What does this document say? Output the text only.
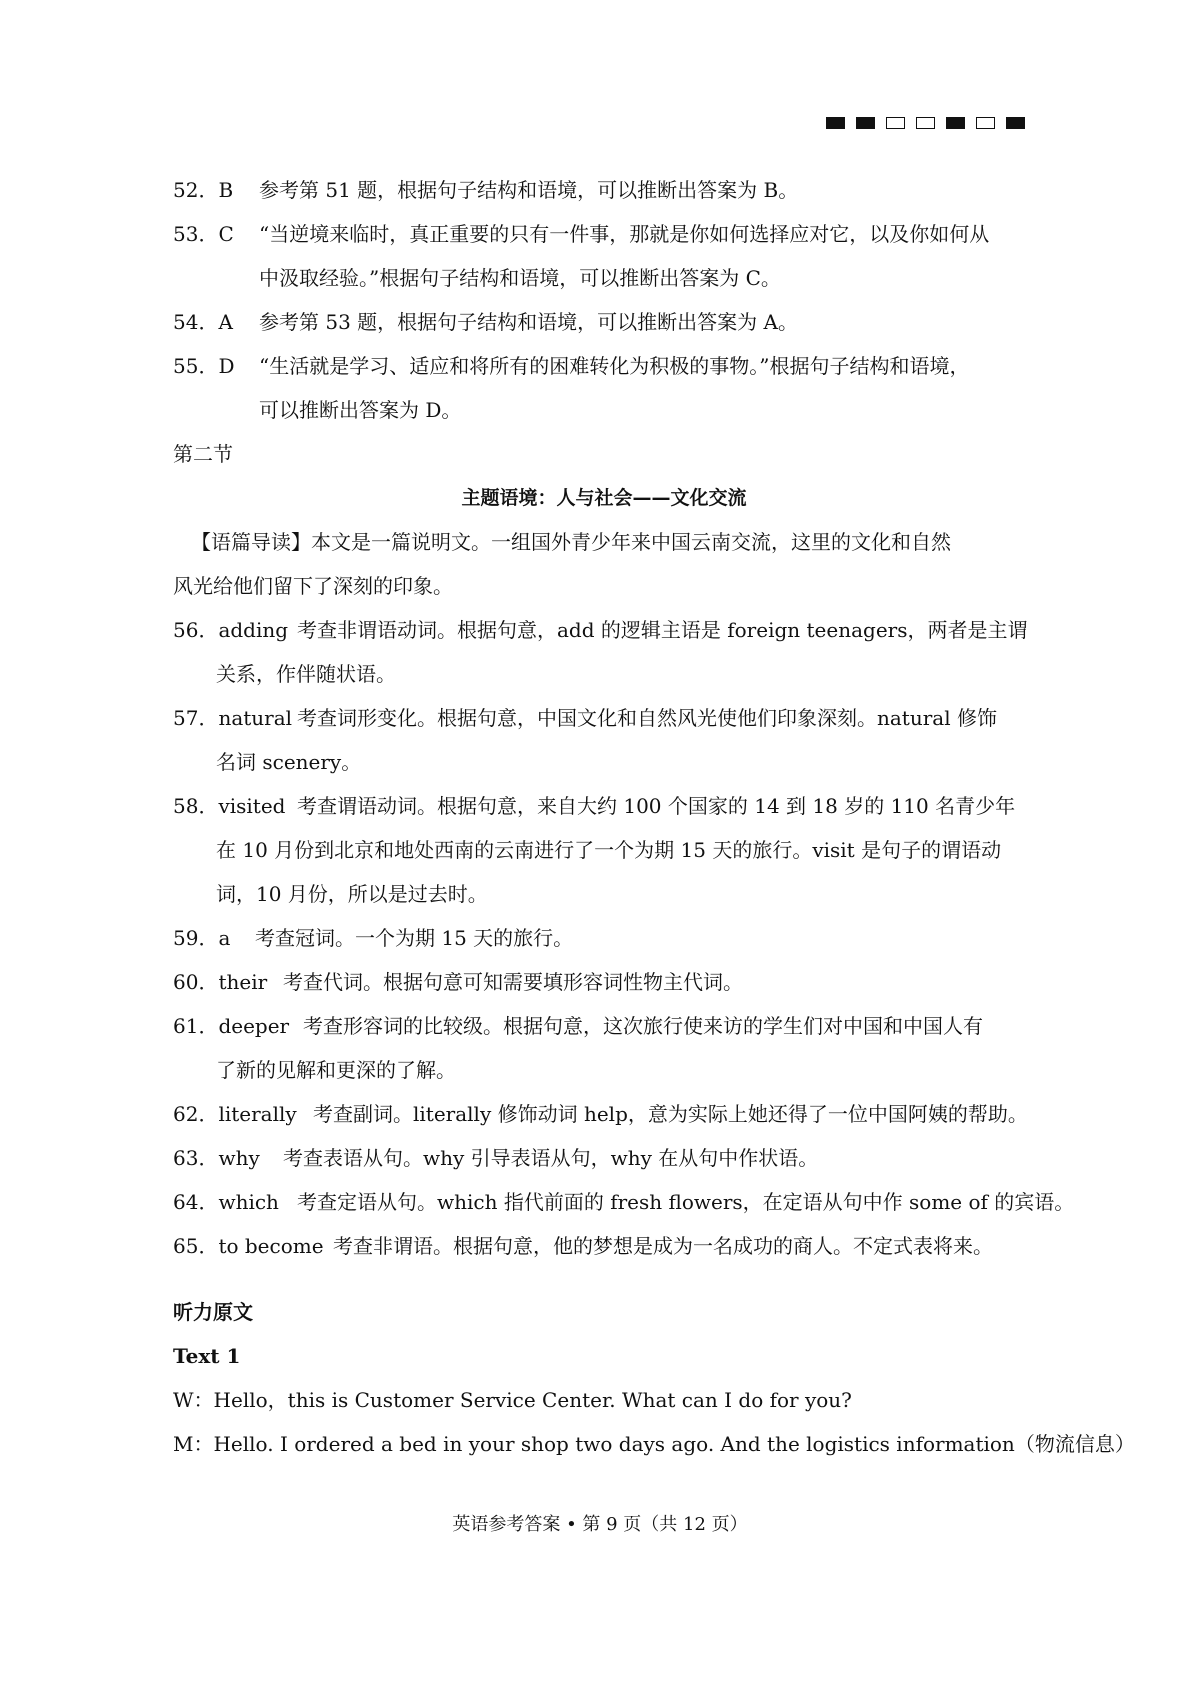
52．B 参考第 51 题，根据句子结构和语境，可以推断出答案为 B。
53．C “当逆境来临时，真正重要的只有一件事，那就是你如何选择应对它，以及你如何从
中汲取经验。”根据句子结构和语境，可以推断出答案为 C。
54．A 参考第 53 题，根据句子结构和语境，可以推断出答案为 A。
55．D “生活就是学习、适应和将所有的困难转化为积极的事物。”根据句子结构和语境，
可以推断出答案为 D。
第二节
主题语境：人与社会——文化交流
【语篇导读】本文是一篇说明文。一组国外青少年来中国云南交流，这里的文化和自然
风光给他们留下了深刻的印象。
56．adding 考查非谓语动词。根据句意，add 的逻辑主语是 foreign teenagers，两者是主谓
关系，作伴随状语。
57．natural 考查词形变化。根据句意，中国文化和自然风光使他们印象深刻。natural 修饰
名词 scenery。
58．visited 考查谓语动词。根据句意，来自大约 100 个国家的 14 到 18 岁的 110 名青少年
在 10 月份到北京和地处西南的云南进行了一个为期 15 天的旅行。visit 是句子的谓语动
词，10 月份，所以是过去时。
59．a 考查冠词。一个为期 15 天的旅行。
60．their 考查代词。根据句意可知需要填形容词性物主代词。
61．deeper 考查形容词的比较级。根据句意，这次旅行使来访的学生们对中国和中国人有
了新的见解和更深的了解。
62．literally 考查副词。literally 修饰动词 help，意为实际上她还得了一位中国阿姨的帮助。
63．why 考查表语从句。why 引导表语从句，why 在从句中作状语。
64．which 考查定语从句。which 指代前面的 fresh flowers，在定语从句中作 some of 的宾语。
65．to become 考查非谓语。根据句意，他的梦想是成为一名成功的商人。不定式表将来。
听力原文
Text 1
W：Hello，this is Customer Service Center. What can I do for you?
M：Hello. I ordered a bed in your shop two days ago. And the logistics information（物流信息）
英语参考答案 • 第 9 页（共 12 页）
